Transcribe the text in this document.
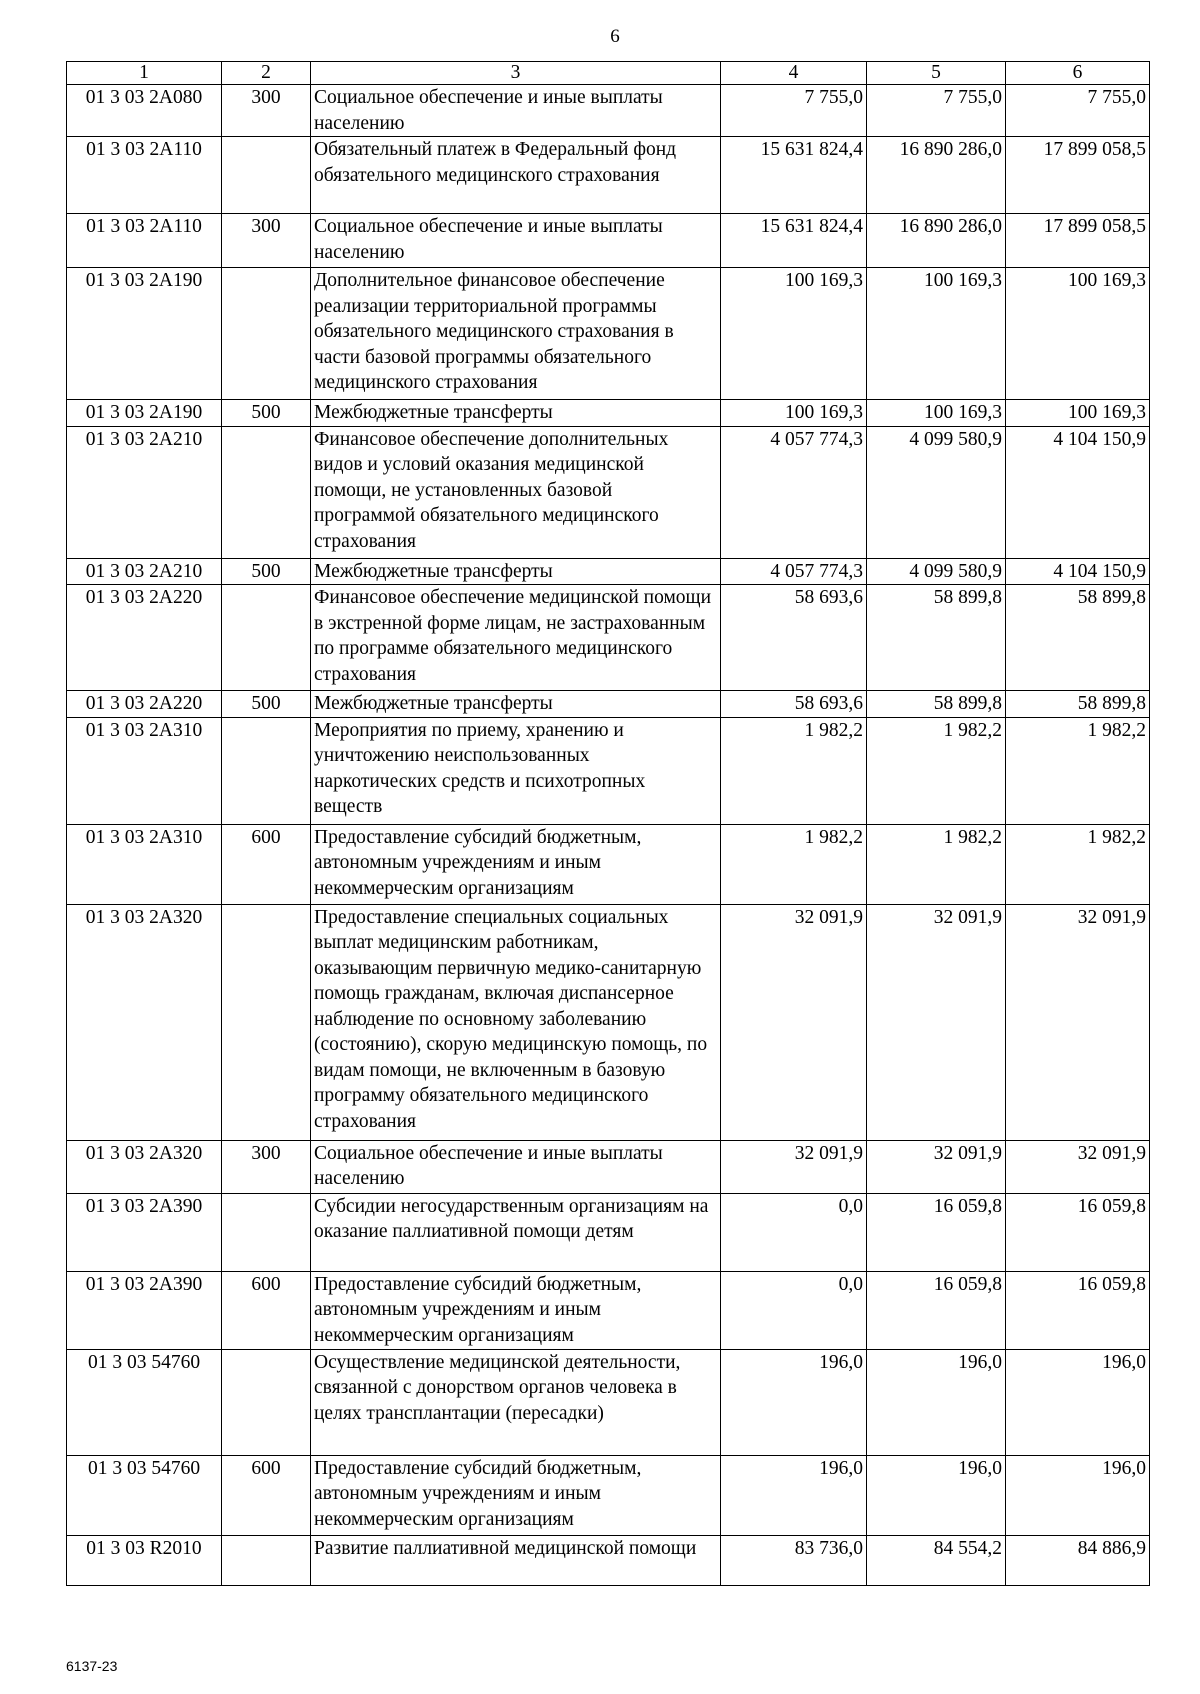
6
1	2	3	4	5	6
01 3 03 2А080	300	Социальное обеспечение и иные выплаты населению	7 755,0	7 755,0	7 755,0
01 3 03 2А110		Обязательный платеж в Федеральный фонд обязательного медицинского страхования	15 631 824,4	16 890 286,0	17 899 058,5
01 3 03 2А110	300	Социальное обеспечение и иные выплаты населению	15 631 824,4	16 890 286,0	17 899 058,5
01 3 03 2А190		Дополнительное финансовое обеспечение реализации территориальной программы обязательного медицинского страхования в части базовой программы обязательного медицинского страхования	100 169,3	100 169,3	100 169,3
01 3 03 2А190	500	Межбюджетные трансферты	100 169,3	100 169,3	100 169,3
01 3 03 2А210		Финансовое обеспечение дополнительных видов и условий оказания медицинской помощи, не установленных базовой программой обязательного медицинского страхования	4 057 774,3	4 099 580,9	4 104 150,9
01 3 03 2А210	500	Межбюджетные трансферты	4 057 774,3	4 099 580,9	4 104 150,9
01 3 03 2А220		Финансовое обеспечение медицинской помощи в экстренной форме лицам, не застрахованным по программе обязательного медицинского страхования	58 693,6	58 899,8	58 899,8
01 3 03 2А220	500	Межбюджетные трансферты	58 693,6	58 899,8	58 899,8
01 3 03 2А310		Мероприятия по приему, хранению и уничтожению неиспользованных наркотических средств и психотропных веществ	1 982,2	1 982,2	1 982,2
01 3 03 2А310	600	Предоставление субсидий бюджетным, автономным учреждениям и иным некоммерческим организациям	1 982,2	1 982,2	1 982,2
01 3 03 2А320		Предоставление специальных социальных выплат медицинским работникам, оказывающим первичную медико-санитарную помощь гражданам, включая диспансерное наблюдение по основному заболеванию (состоянию), скорую медицинскую помощь, по видам помощи, не включенным в базовую программу обязательного медицинского страхования	32 091,9	32 091,9	32 091,9
01 3 03 2А320	300	Социальное обеспечение и иные выплаты населению	32 091,9	32 091,9	32 091,9
01 3 03 2А390		Субсидии негосударственным организациям на оказание паллиативной помощи детям	0,0	16 059,8	16 059,8
01 3 03 2А390	600	Предоставление субсидий бюджетным, автономным учреждениям и иным некоммерческим организациям	0,0	16 059,8	16 059,8
01 3 03 54760		Осуществление медицинской деятельности, связанной с донорством органов человека в целях трансплантации (пересадки)	196,0	196,0	196,0
01 3 03 54760	600	Предоставление субсидий бюджетным, автономным учреждениям и иным некоммерческим организациям	196,0	196,0	196,0
01 3 03 R2010		Развитие паллиативной медицинской помощи	83 736,0	84 554,2	84 886,9
6137-23
